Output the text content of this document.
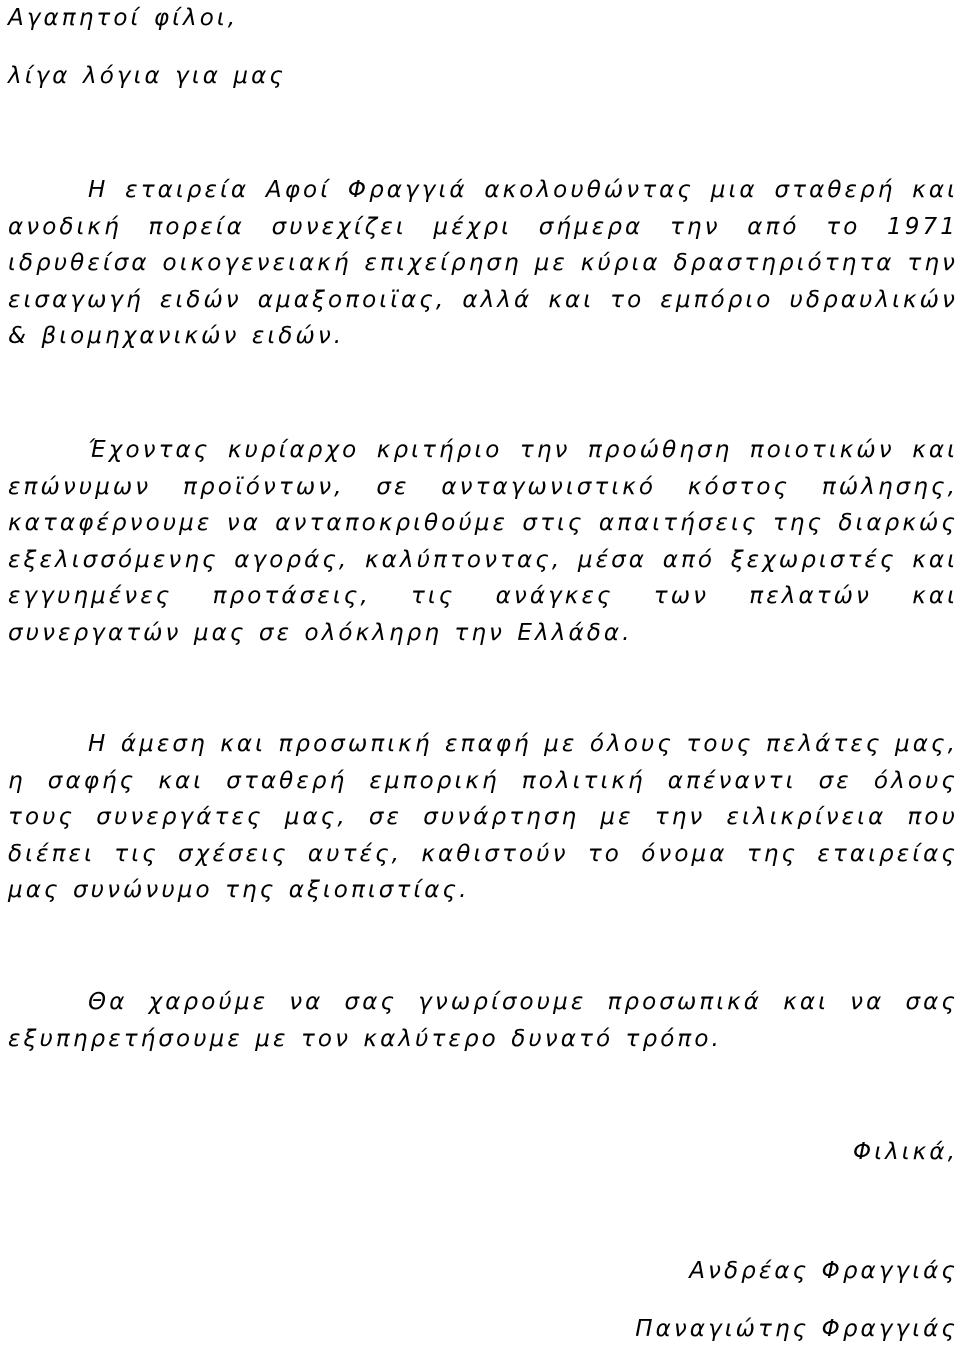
Αγαπητοί φίλοι,
λίγα λόγια για μας
Η εταιρεία Αφοί Φραγγιά ακολουθώντας μια σταθερή και ανοδική πορεία συνεχίζει μέχρι σήμερα την από το 1971 ιδρυθείσα οικογενειακή επιχείρηση με κύρια δραστηριότητα την εισαγωγή ειδών αμαξοποιϊας, αλλά και το εμπόριο υδραυλικών & βιομηχανικών ειδών.
Έχοντας κυρίαρχο κριτήριο την προώθηση ποιοτικών και επώνυμων προϊόντων, σε ανταγωνιστικό κόστος πώλησης, καταφέρνουμε να ανταποκριθούμε στις απαιτήσεις της διαρκώς εξελισσόμενης αγοράς, καλύπτοντας, μέσα από ξεχωριστές και εγγυημένες προτάσεις, τις ανάγκες των πελατών και συνεργατών μας σε ολόκληρη την Ελλάδα.
Η άμεση και προσωπική επαφή με όλους τους πελάτες μας, η σαφής και σταθερή εμπορική πολιτική απέναντι σε όλους τους συνεργάτες μας, σε συνάρτηση με την ειλικρίνεια που διέπει τις σχέσεις αυτές, καθιστούν το όνομα της εταιρείας μας συνώνυμο της αξιοπιστίας.
Θα χαρούμε να σας γνωρίσουμε προσωπικά και να σας εξυπηρετήσουμε με τον καλύτερο δυνατό τρόπο.
Φιλικά,
Ανδρέας Φραγγιάς
Παναγιώτης Φραγγιάς
